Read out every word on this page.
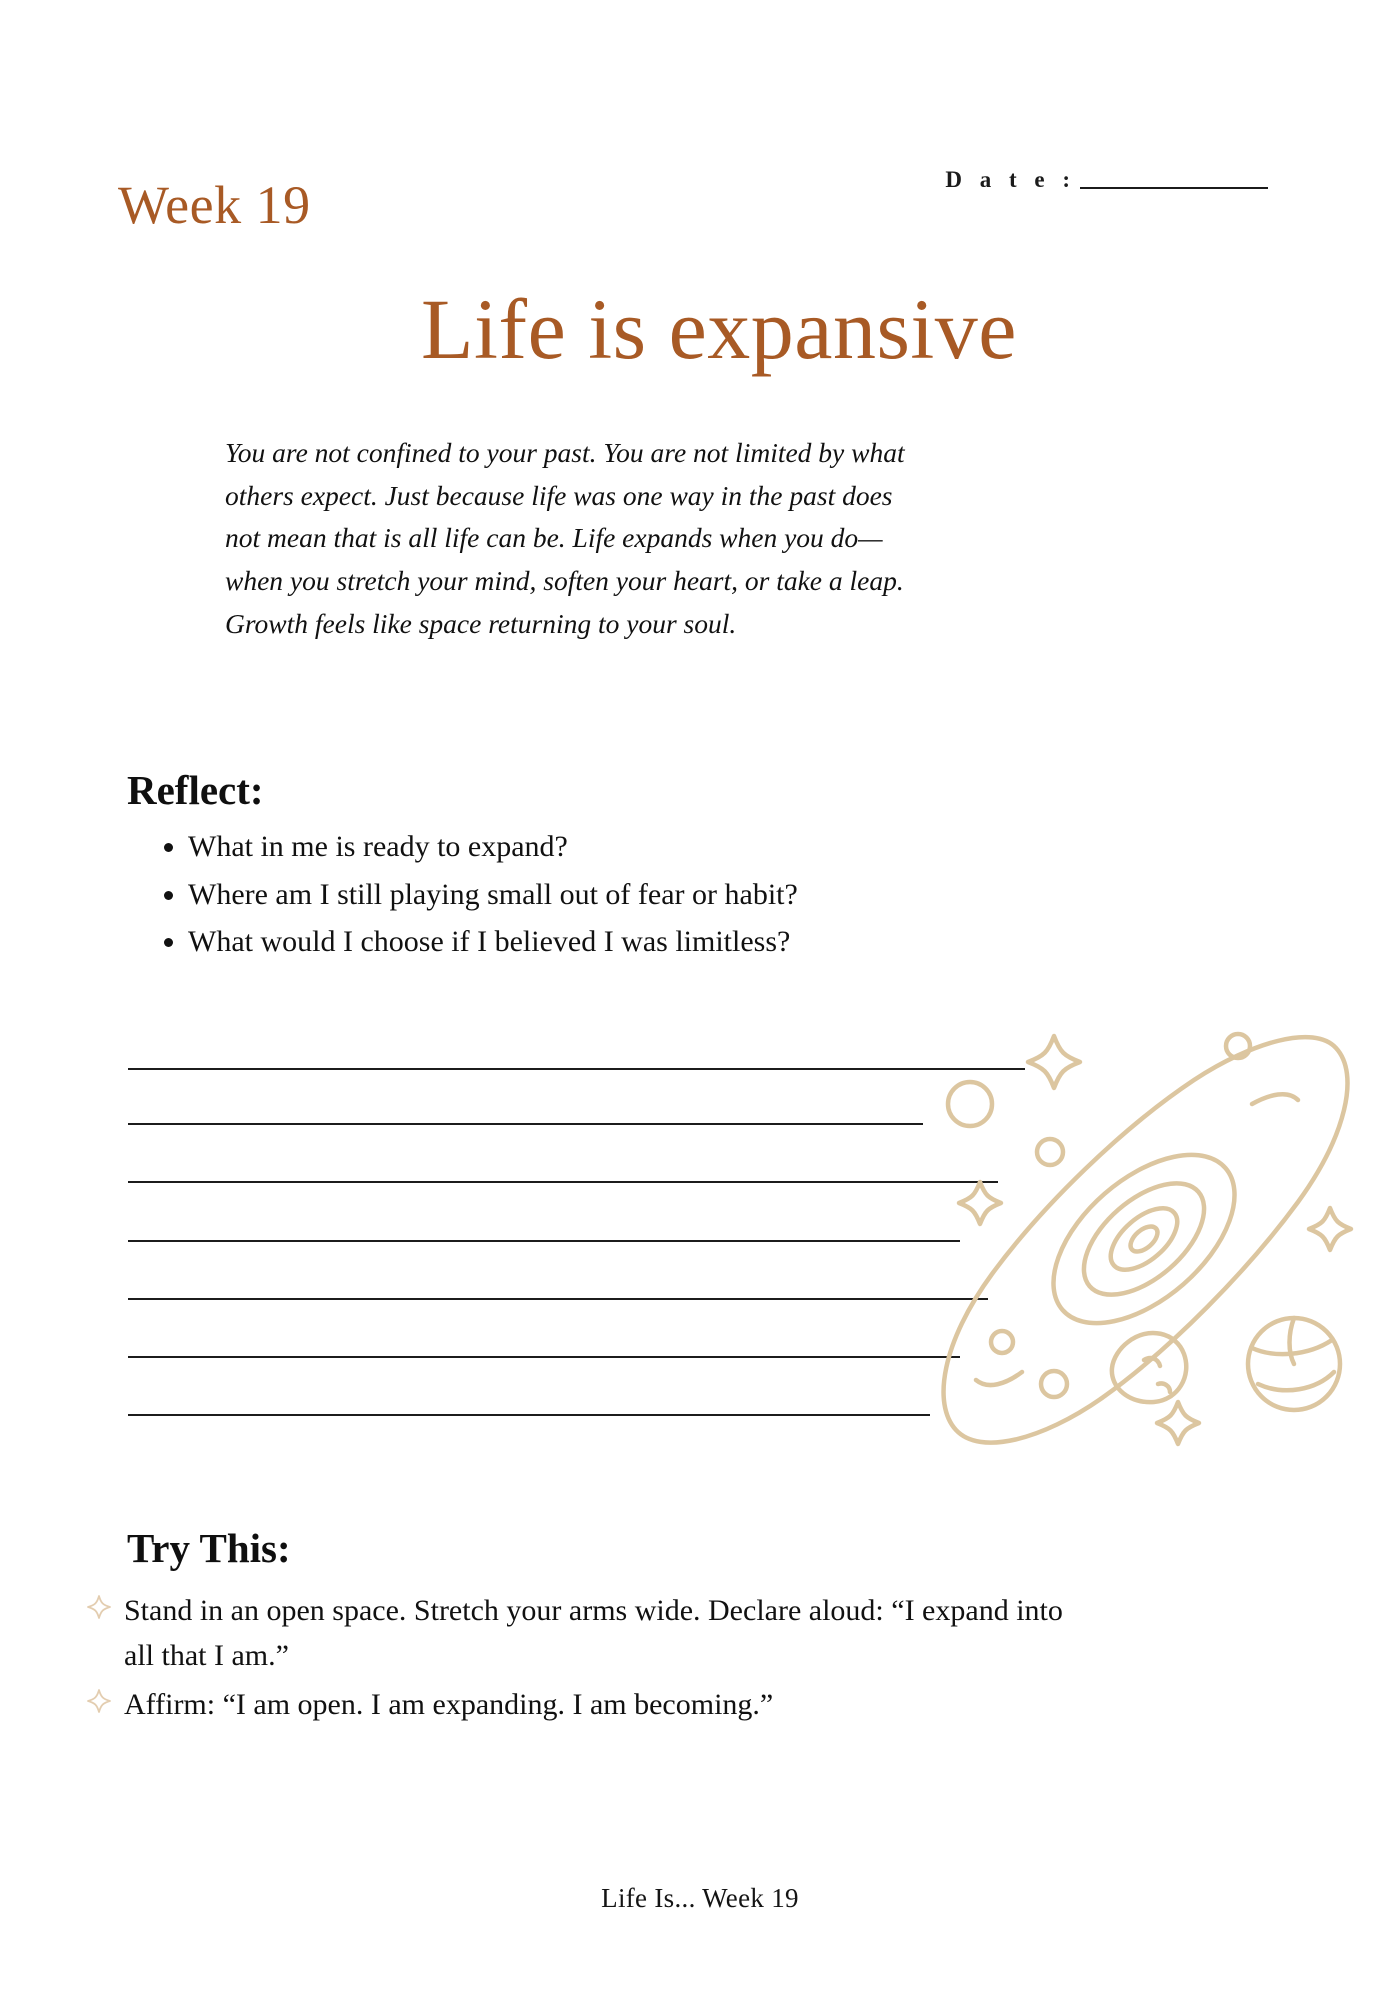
Week 19	D a t e :
Life is expansive
You are not confined to your past. You are not limited by what others expect. Just because life was one way in the past does not mean that is all life can be. Life expands when you do—when you stretch your mind, soften your heart, or take a leap. Growth feels like space returning to your soul.
Reflect:
• What in me is ready to expand?
• Where am I still playing small out of fear or habit?
• What would I choose if I believed I was limitless?
Try This:
Stand in an open space. Stretch your arms wide. Declare aloud: “I expand into all that I am.”
Affirm: “I am open. I am expanding. I am becoming.”
Life Is... Week 19
